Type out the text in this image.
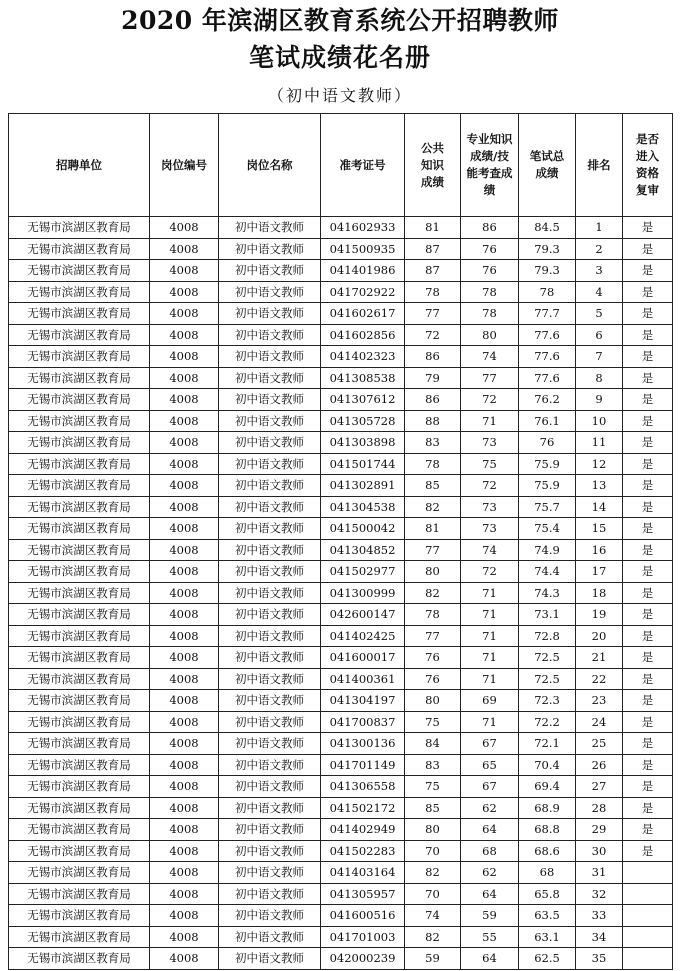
2020 年滨湖区教育系统公开招聘教师
笔试成绩花名册
（初中语文教师）
招聘单位	岗位编号	岗位名称	准考证号	公共知识成绩	专业知识成绩/技能考查成绩	笔试总成绩	排名	是否进入资格复审
无锡市滨湖区教育局	4008	初中语文教师	041602933	81	86	84.5	1	是
无锡市滨湖区教育局	4008	初中语文教师	041500935	87	76	79.3	2	是
无锡市滨湖区教育局	4008	初中语文教师	041401986	87	76	79.3	3	是
无锡市滨湖区教育局	4008	初中语文教师	041702922	78	78	78	4	是
无锡市滨湖区教育局	4008	初中语文教师	041602617	77	78	77.7	5	是
无锡市滨湖区教育局	4008	初中语文教师	041602856	72	80	77.6	6	是
无锡市滨湖区教育局	4008	初中语文教师	041402323	86	74	77.6	7	是
无锡市滨湖区教育局	4008	初中语文教师	041308538	79	77	77.6	8	是
无锡市滨湖区教育局	4008	初中语文教师	041307612	86	72	76.2	9	是
无锡市滨湖区教育局	4008	初中语文教师	041305728	88	71	76.1	10	是
无锡市滨湖区教育局	4008	初中语文教师	041303898	83	73	76	11	是
无锡市滨湖区教育局	4008	初中语文教师	041501744	78	75	75.9	12	是
无锡市滨湖区教育局	4008	初中语文教师	041302891	85	72	75.9	13	是
无锡市滨湖区教育局	4008	初中语文教师	041304538	82	73	75.7	14	是
无锡市滨湖区教育局	4008	初中语文教师	041500042	81	73	75.4	15	是
无锡市滨湖区教育局	4008	初中语文教师	041304852	77	74	74.9	16	是
无锡市滨湖区教育局	4008	初中语文教师	041502977	80	72	74.4	17	是
无锡市滨湖区教育局	4008	初中语文教师	041300999	82	71	74.3	18	是
无锡市滨湖区教育局	4008	初中语文教师	042600147	78	71	73.1	19	是
无锡市滨湖区教育局	4008	初中语文教师	041402425	77	71	72.8	20	是
无锡市滨湖区教育局	4008	初中语文教师	041600017	76	71	72.5	21	是
无锡市滨湖区教育局	4008	初中语文教师	041400361	76	71	72.5	22	是
无锡市滨湖区教育局	4008	初中语文教师	041304197	80	69	72.3	23	是
无锡市滨湖区教育局	4008	初中语文教师	041700837	75	71	72.2	24	是
无锡市滨湖区教育局	4008	初中语文教师	041300136	84	67	72.1	25	是
无锡市滨湖区教育局	4008	初中语文教师	041701149	83	65	70.4	26	是
无锡市滨湖区教育局	4008	初中语文教师	041306558	75	67	69.4	27	是
无锡市滨湖区教育局	4008	初中语文教师	041502172	85	62	68.9	28	是
无锡市滨湖区教育局	4008	初中语文教师	041402949	80	64	68.8	29	是
无锡市滨湖区教育局	4008	初中语文教师	041502283	70	68	68.6	30	是
无锡市滨湖区教育局	4008	初中语文教师	041403164	82	62	68	31	
无锡市滨湖区教育局	4008	初中语文教师	041305957	70	64	65.8	32	
无锡市滨湖区教育局	4008	初中语文教师	041600516	74	59	63.5	33	
无锡市滨湖区教育局	4008	初中语文教师	041701003	82	55	63.1	34	
无锡市滨湖区教育局	4008	初中语文教师	042000239	59	64	62.5	35	
